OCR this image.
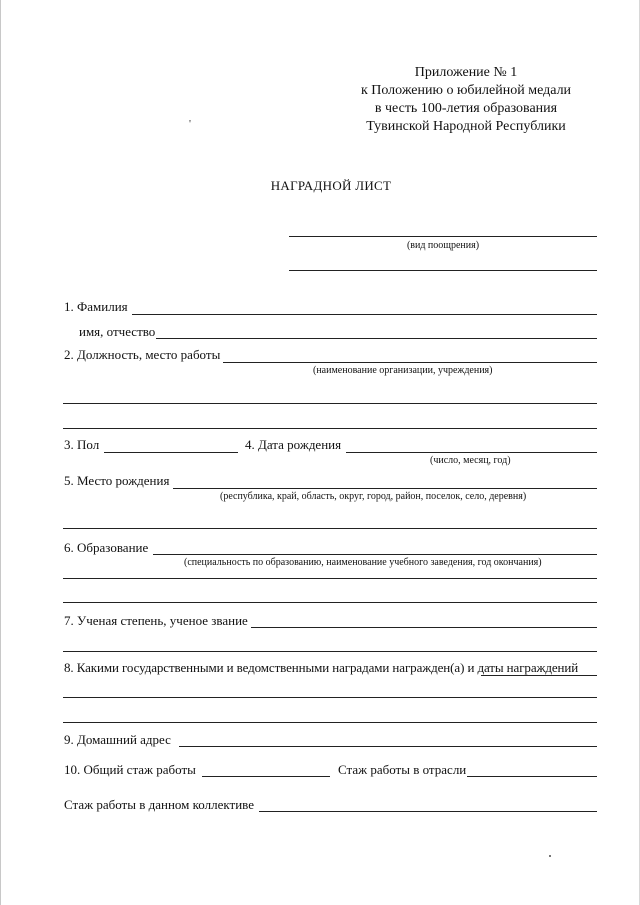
Приложение № 1
к Положению о юбилейной медали
в честь 100-летия образования
Тувинской Народной Республики
'
НАГРАДНОЙ ЛИСТ
(вид поощрения)
1. Фамилия
имя, отчество
2. Должность, место работы
(наименование организации, учреждения)
3. Пол	4. Дата рождения
(число, месяц, год)
5. Место рождения
(республика, край, область, округ, город, район, поселок, село, деревня)
6. Образование
(специальность по образованию, наименование учебного заведения, год окончания)
7. Ученая степень, ученое звание
8. Какими государственными и ведомственными наградами награжден(а) и даты награждений
9. Домашний адрес
10. Общий стаж работы	Стаж работы в отрасли
Стаж работы в данном коллективе
